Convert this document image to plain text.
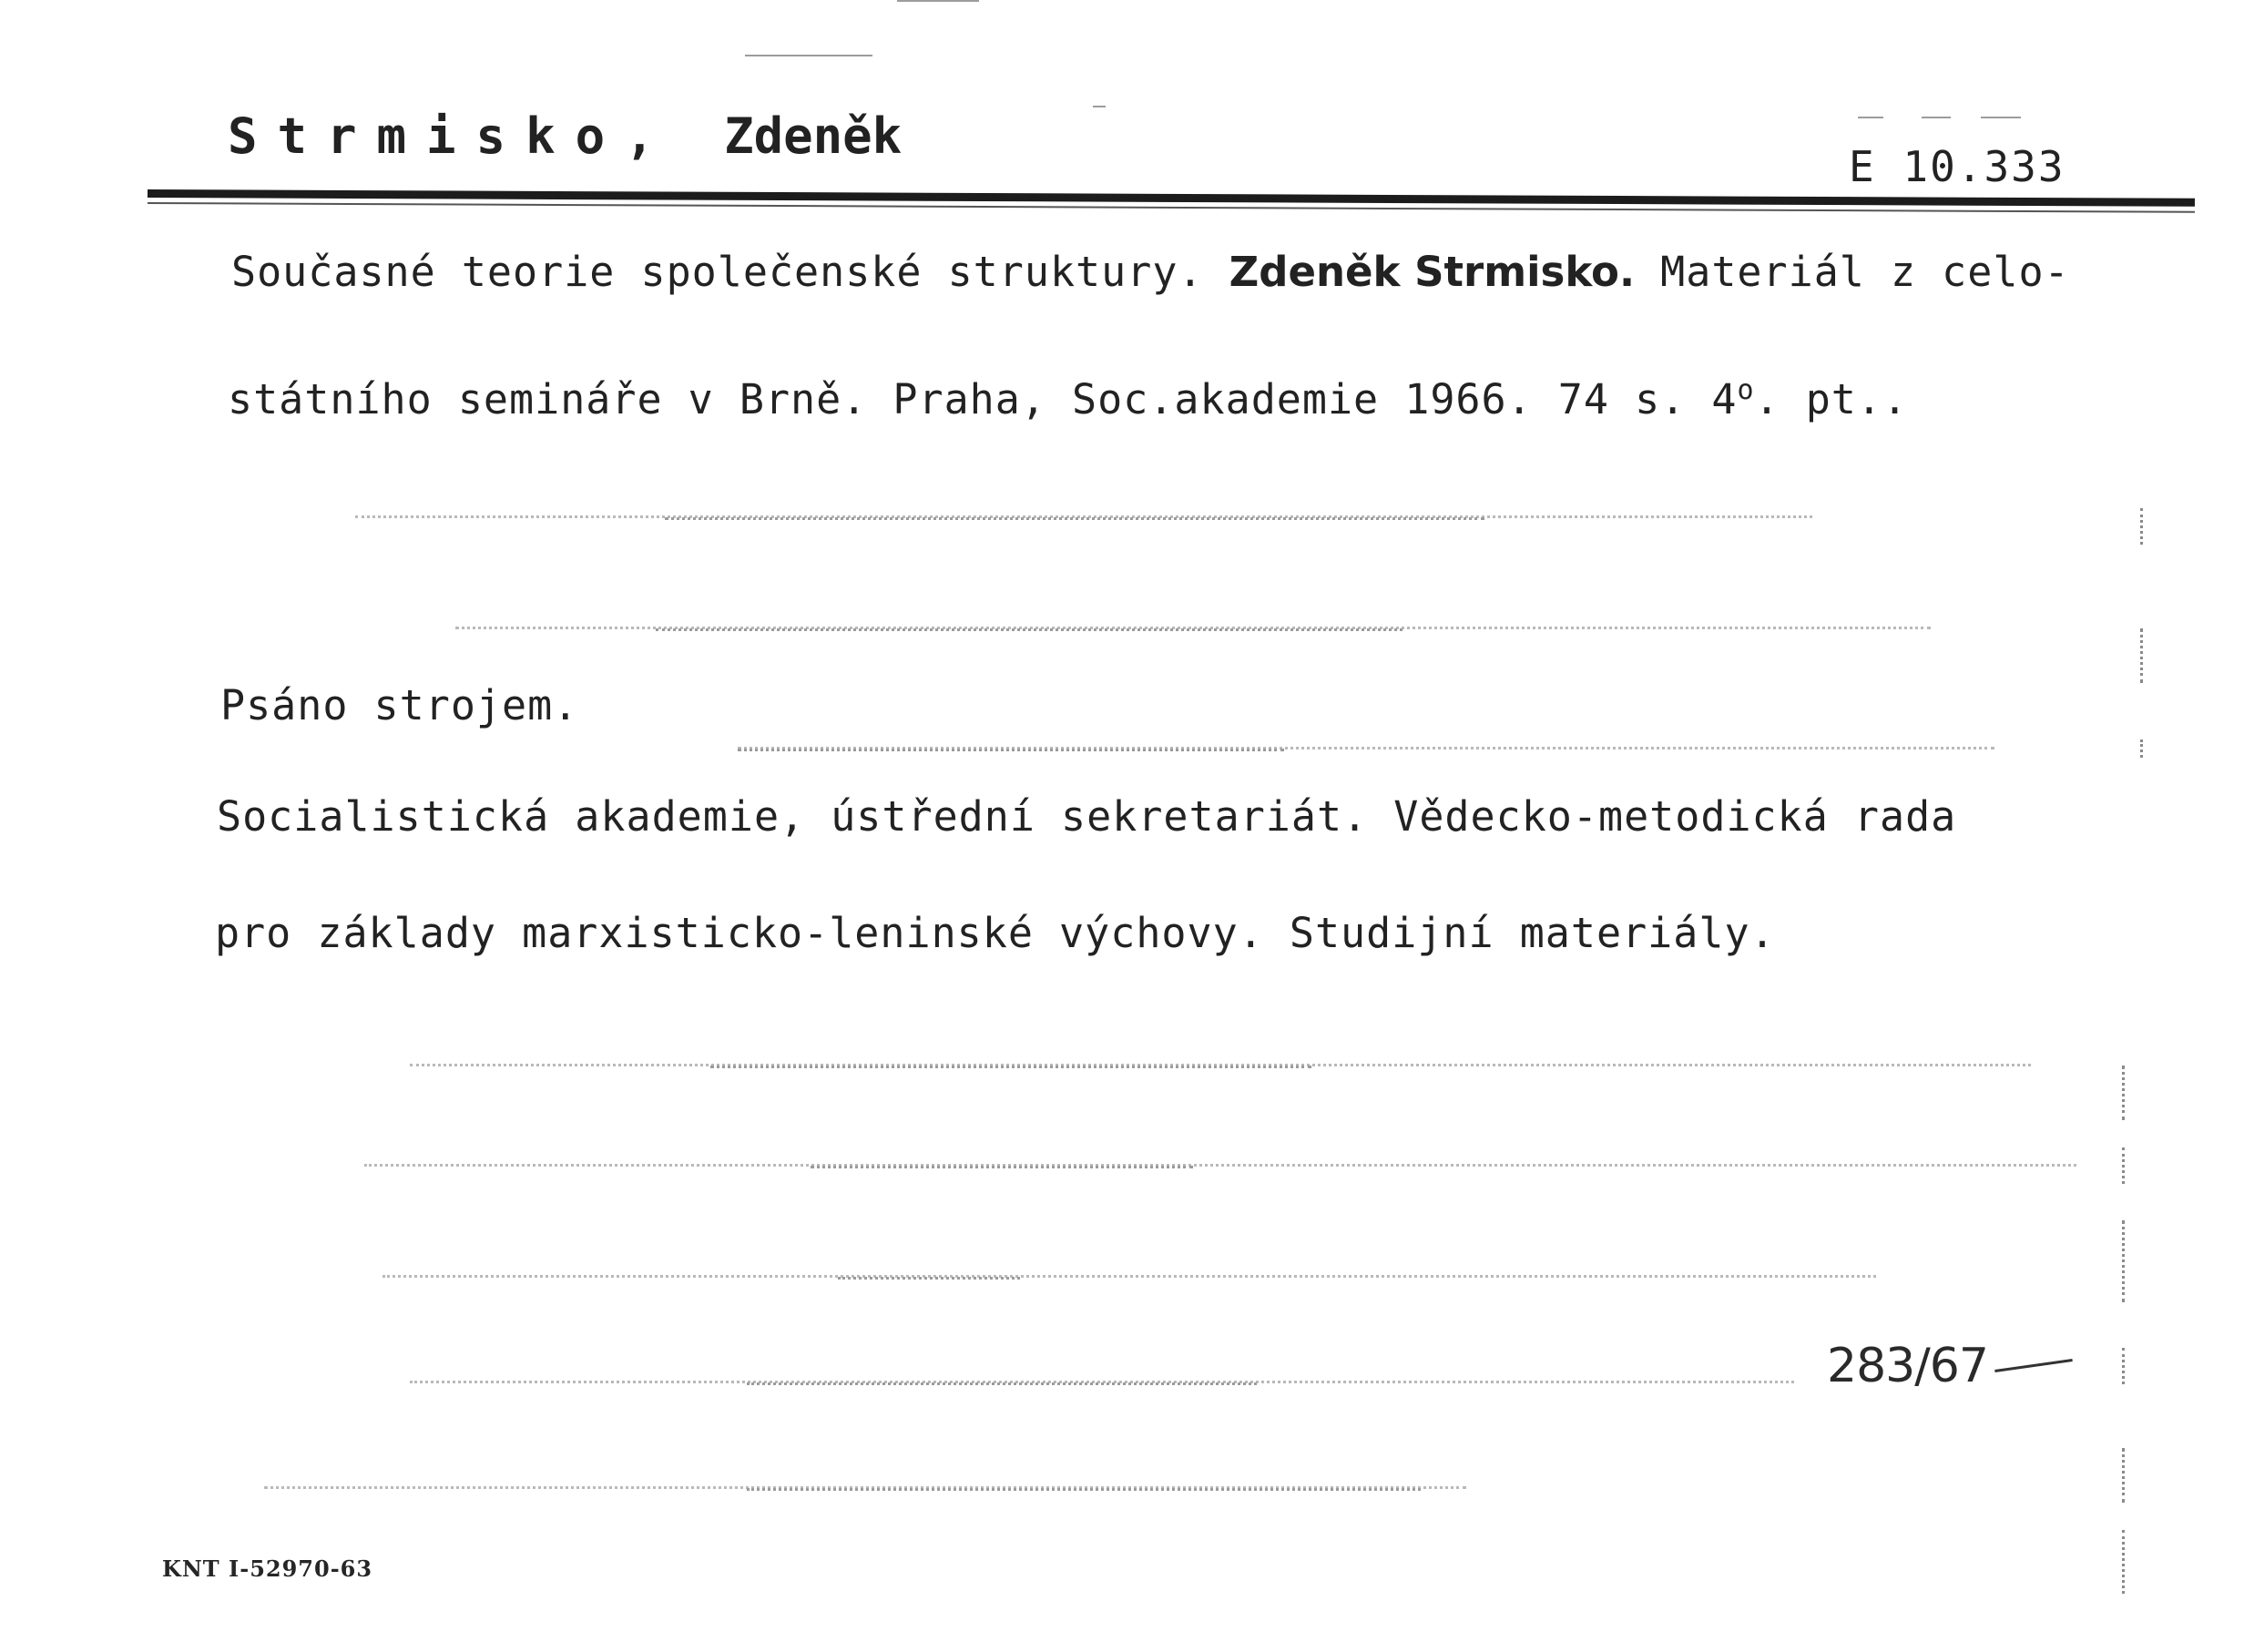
Strmisko, Zdeněk
E 10.333
Současné teorie společenské struktury. Zdeněk Strmisko. Materiál z celo-
státního semináře v Brně. Praha, Soc.akademie 1966. 74 s. 4$^o$. pt..
Psáno strojem.
Socialistická akademie, ústřední sekretariát. Vědecko-metodická rada
pro základy marxisticko-leninské výchovy. Studijní materiály.
283/67
KNT I-52970-63
